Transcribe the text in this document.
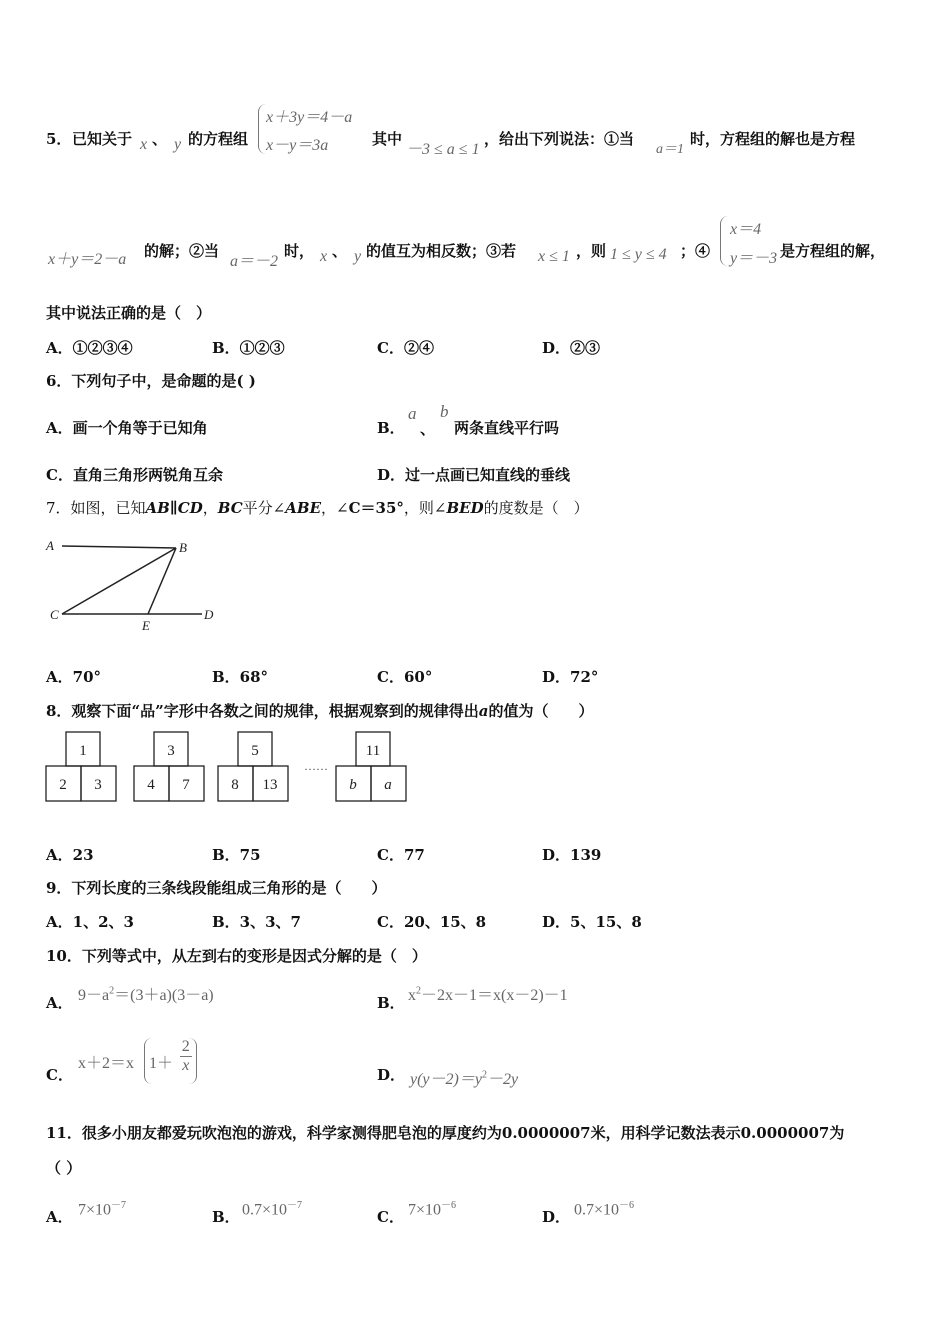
5． 已知关于 x 、 y 的方程组
x＋3y＝4－a
x－y＝3a	其中
－3 ≤ a ≤ 1
，给出下列说法：①当
a＝1
时，方程组的解也是方程
x＋y＝2－a 的解；②当
a＝－2
时， x 、 y 的值互为相反数；③若 x ≤ 1 ，则 1 ≤ y ≤ 4 ；④
x＝4
y＝－3 是方程组的解，
其中说法正确的是（　）
A．①②③④	B．①②③	C．②④	D．②③
6．下列句子中，是命题的是( )
A．画一个角等于已知角	B．
a
、
b
两条直线平行吗
C．直角三角形两锐角互余	D．过一点画已知直线的垂线
7．如图，已知AB∥CD，BC平分∠ABE，∠C＝35°，则∠BED的度数是（　）
A	B
C
E
D
A．70°	B．68°	C．60°	D．72°
8．观察下面“品”字形中各数之间的规律，根据观察到的规律得出a的值为（　　）
1
2 3
3
4 7
5
8 13
……
11
b a
A．23	B．75	C．77	D．139
9．下列长度的三条线段能组成三角形的是（　　）
A．1、2、3	B．3、3、7	C．20、15、8	D．5、15、8
10．下列等式中，从左到右的变形是因式分解的是（　）
A． $9-a^2=(3+a)(3-a)$	B． $x^2-2x-1=x(x-2)-1$
C．
x＋2＝x $1+ \frac{2}{x}$	D． $y(y-2)=y^2-2y$
11．很多小朋友都爱玩吹泡泡的游戏，科学家测得肥皂泡的厚度约为0.0000007米，用科学记数法表示0.0000007为
（ ）
A． $7\times 10^{-7}$
B． $0.7\times 10^{-7}$
C． $7\times 10^{-6}$
D． $0.7\times 10^{-6}$
